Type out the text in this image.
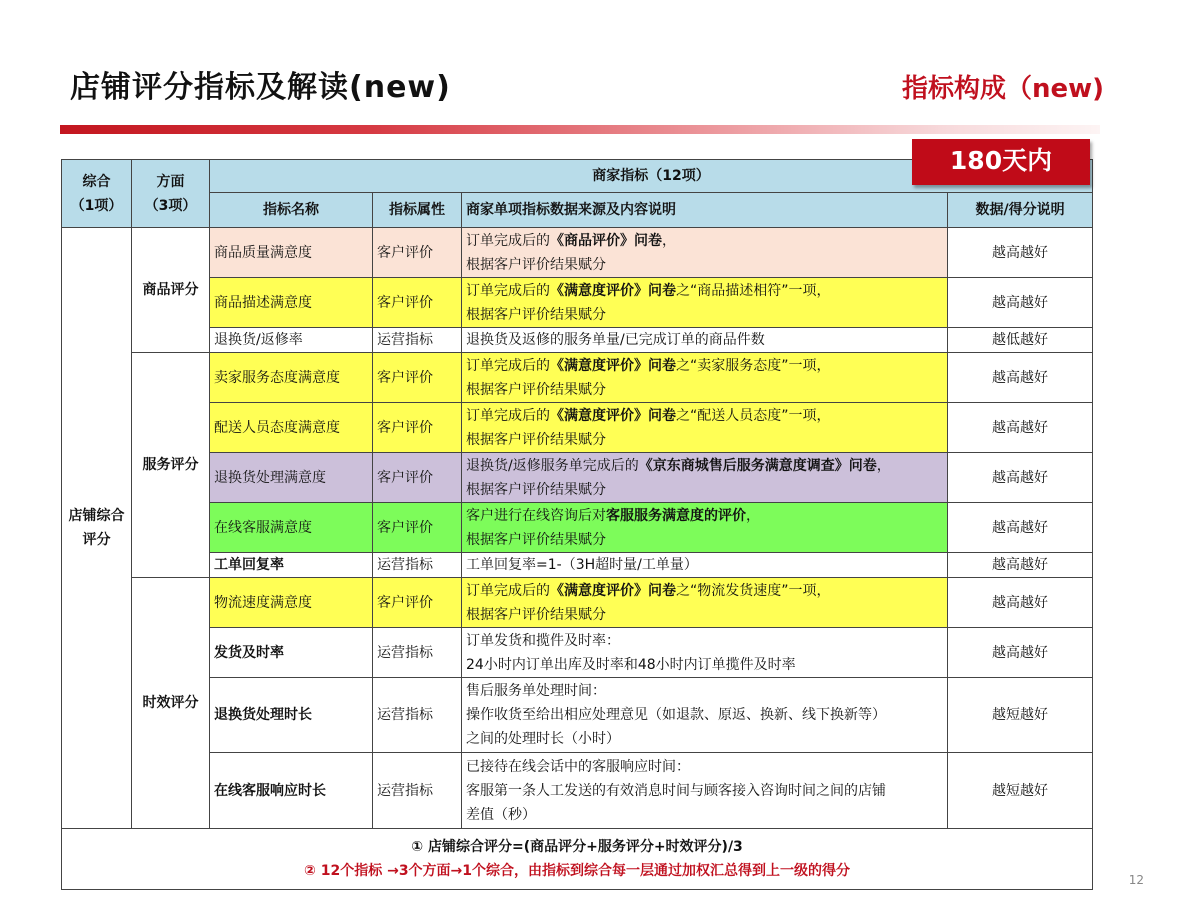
店铺评分指标及解读(new)	指标构成（new)
180天内
综合
（1项）	方面
（3项）	商家指标（12项）			
		指标名称	指标属性	商家单项指标数据来源及内容说明	数据/得分说明
店铺综合评分	商品评分	商品质量满意度	客户评价	订单完成后的《商品评价》问卷，
根据客户评价结果赋分	越高越好
		商品描述满意度	客户评价	订单完成后的《满意度评价》问卷之“商品描述相符”一项，
根据客户评价结果赋分	越高越好
		退换货/返修率	运营指标	退换货及返修的服务单量/已完成订单的商品件数	越低越好
	服务评分	卖家服务态度满意度	客户评价	订单完成后的《满意度评价》问卷之“卖家服务态度”一项，
根据客户评价结果赋分	越高越好
		配送人员态度满意度	客户评价	订单完成后的《满意度评价》问卷之“配送人员态度”一项，
根据客户评价结果赋分	越高越好
		退换货处理满意度	客户评价	退换货/返修服务单完成后的《京东商城售后服务满意度调查》问卷，
根据客户评价结果赋分	越高越好
		在线客服满意度	客户评价	客户进行在线咨询后对客服服务满意度的评价，
根据客户评价结果赋分	越高越好
		工单回复率	运营指标	工单回复率=1-（3H超时量/工单量）	越高越好
	时效评分	物流速度满意度	客户评价	订单完成后的《满意度评价》问卷之“物流发货速度”一项，
根据客户评价结果赋分	越高越好
		发货及时率	运营指标	订单发货和揽件及时率：
24小时内订单出库及时率和48小时内订单揽件及时率	越高越好
		退换货处理时长	运营指标	售后服务单处理时间：
操作收货至给出相应处理意见（如退款、原返、换新、线下换新等）
之间的处理时长（小时）	越短越好
		在线客服响应时长	运营指标	已接待在线会话中的客服响应时间：
客服第一条人工发送的有效消息时间与顾客接入咨询时间之间的店铺
差值（秒）	越短越好

① 店铺综合评分=(商品评分+服务评分+时效评分)/3
② 12个指标 →3个方面→1个综合，由指标到综合每一层通过加权汇总得到上一级的得分					
12
